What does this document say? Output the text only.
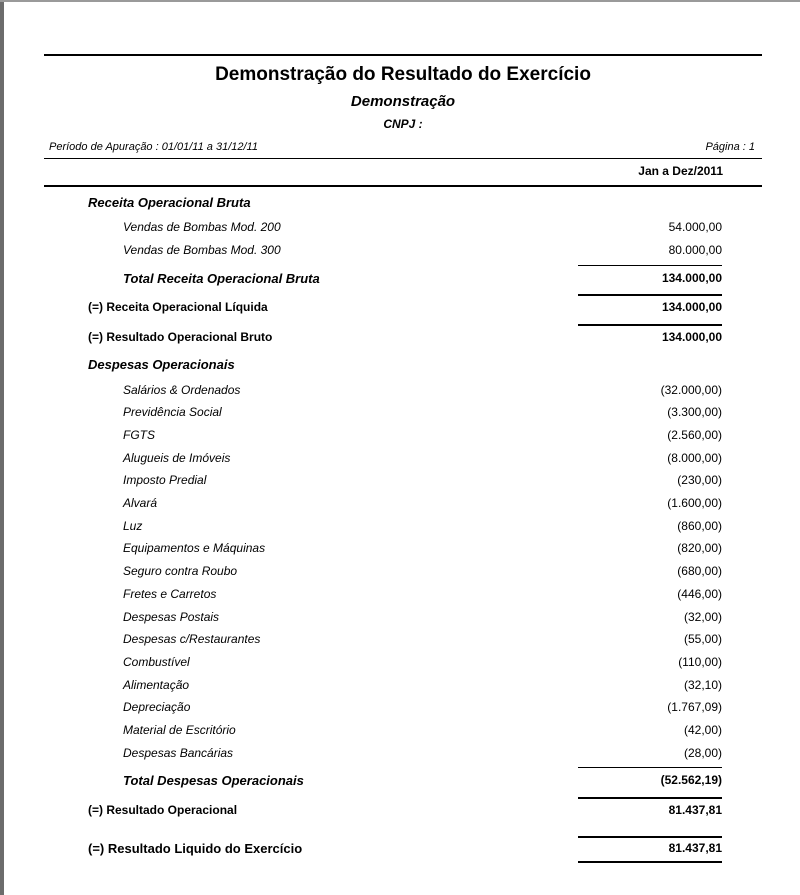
Demonstração do Resultado do Exercício
Demonstração
CNPJ :
Período de Apuração : 01/01/11 a 31/12/11	Página : 1
Jan a Dez/2011
Receita Operacional Bruta
Vendas de Bombas Mod. 200	54.000,00
Vendas de Bombas Mod. 300	80.000,00
Total Receita Operacional Bruta	134.000,00
(=) Receita Operacional Líquida	134.000,00
(=) Resultado Operacional Bruto	134.000,00
Despesas Operacionais
Salários & Ordenados	(32.000,00)
Previdência Social	(3.300,00)
FGTS	(2.560,00)
Alugueis de Imóveis	(8.000,00)
Imposto Predial	(230,00)
Alvará	(1.600,00)
Luz	(860,00)
Equipamentos e Máquinas	(820,00)
Seguro contra Roubo	(680,00)
Fretes e Carretos	(446,00)
Despesas Postais	(32,00)
Despesas c/Restaurantes	(55,00)
Combustível	(110,00)
Alimentação	(32,10)
Depreciação	(1.767,09)
Material de Escritório	(42,00)
Despesas Bancárias	(28,00)
Total Despesas Operacionais	(52.562,19)
(=) Resultado Operacional	81.437,81
(=) Resultado Liquido do Exercício	81.437,81
